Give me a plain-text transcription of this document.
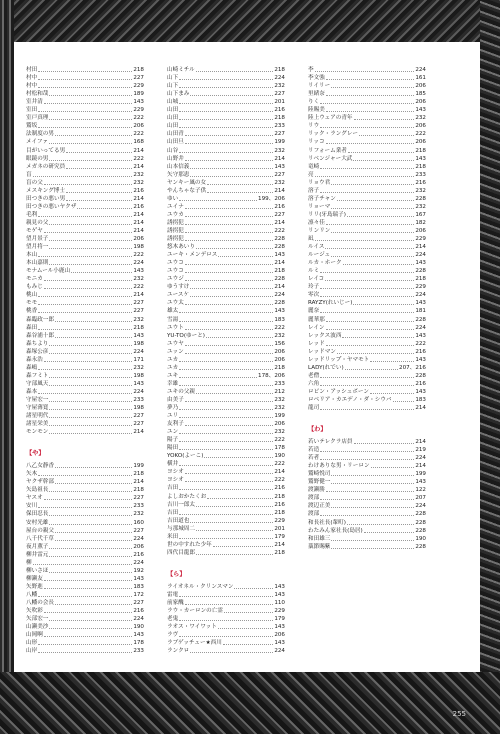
255
村田	218
村中	227
村中	229
村松和哉	189
室井清	143
室田	229
室戸真理	222
鷲坂	206
法制度の男	222
メイファ	168
目がいってる男	214
眼鏡の男	222
メガネの研究員	214
盲	232
盲の父	232
メスキング博士	216
田つきの悪い男	214
田つきの悪いヤクザ	216
毛利	214
親見の父	214
モゲヤ	214
望月景子	206
望月将一	198
本山	222
本山嘉則	224
モナムール小鹿山	143
モニカ	232
もみじ	222
桃山	214
モモ	227
桃香	227
森臨政一郎	232
森田	218
森谷浦十郎	143
森ちより	198
森塚公彦	224
森永浩	171
森嶋	232
森フミト	198
守部風天	143
森本	224
守屋宏一	233
守屋薄寛	198
諸星明代	227
諸星栄美	227
モンモン	214
【や】
八乙女静香	199
矢木	218
ヤクザ幹部	214
矢島祖長	218
ヤスオ	227
安川	233
保田忍長	232
安村光雄	160
屋台の親父	227
八千代千草	224
夜月薫子	206
柳井雷元	216
柳	224
柳いさほ	192
柳瀬友	143
矢野進	183
八幡	172
八幡の会長	227
矢吹彩	216
矢部宏一	224
山瀬美沙	190
山岡啊	143
山形	178
山岸	233
山崎ミチル	218
山下	224
山下	232
山下まみ	227
山城	201
山田	216
山田	218
山田	233
山田青	227
山田旦	199
山谷	232
山野井	214
山本信義	143
矢守那恵	227
ヤンキー風の女	232
やんちゃな子供	214
ゆい	199、206
ユイナ	216
ユウカ	227
誘拐犯	214
誘拐犯	222
誘拐犯	228
悠木あいり	228
ユーキ・メンデロス	143
ユウコ	214
ユウコ	218
ユウジ	228
ゆうすけ	214
ユースケ	224
ユウ太	228
雄太	143
雪湯	183
ユウト	222
YU-TO(ゆーと)	232
ユウヤ	156
ユッン	206
ユカ	206
ユカ	218
ユキ	178、206
幸雄	233
ユキの父親	212
由美子	232
夢乃	232
ユリ	199
友利子	206
ユン	232
陽子	222
陽田	178
YOKO(よーこ)	190
横井	222
ヨシオ	214
ヨシオ	222
吉田	216
よしおかたくお	218
吉川一郎太	216
吉田	218
吉田道也	229
与那城周二	201
米田	179
世の中すれた少年	214
四代目龍郎	218
【ら】
ライオネル・クリンスマン	143
雷電	143
前家醜	110
ラウ・カーロンの亡霊	229
老鬼	179
ラオス・ワイワット	143
ラヴ	206
ラブゲッチュー★西川	143
ランクロ	224
李	224
李文強	161
リイリー	206
里緒奈	185
りく	206
陸賜美	143
陸上ウェアの青年	232
リウ	206
リック・ラングレー	222
リッコ	206
リフォーム業者	218
リベンジャー大武	143
竜崎	218
亮	233
リョウ君	216
溶子	232
溶子チャン	228
リョーマ	232
リリ(牙島瑞子)	167
凛々佳	182
リンリン	206
凪	229
ルイス	214
ルージュ	224
ルカ・ホーク	143
ルミ	228
レイコ	218
玲子	229
零次	224
RAYZY(れいじー)	143
麗奈	181
麗華那	228
レイン	224
レックス波西	143
レッド	222
レッドマン	216
レッドリップ・ヤマモト	143
LADY(れでい)	207、216
老僧	228
六角	216
ロビン・アッシュボーン	143
ロベリア・カエデノ・ダ・シウバ	183
龍司	214
【わ】
若いテレクラ店員	214
若造	219
若者	224
わけありな男・リーロン	214
鷲崎悦司	199
鷲野健一	143
渡瀬勝	122
渡部	207
渡辺正美	224
渡部	228
和長社長(輩町)	228
わたみん家社長(島居)	228
和田雄三	190
藁節賜紫	228
